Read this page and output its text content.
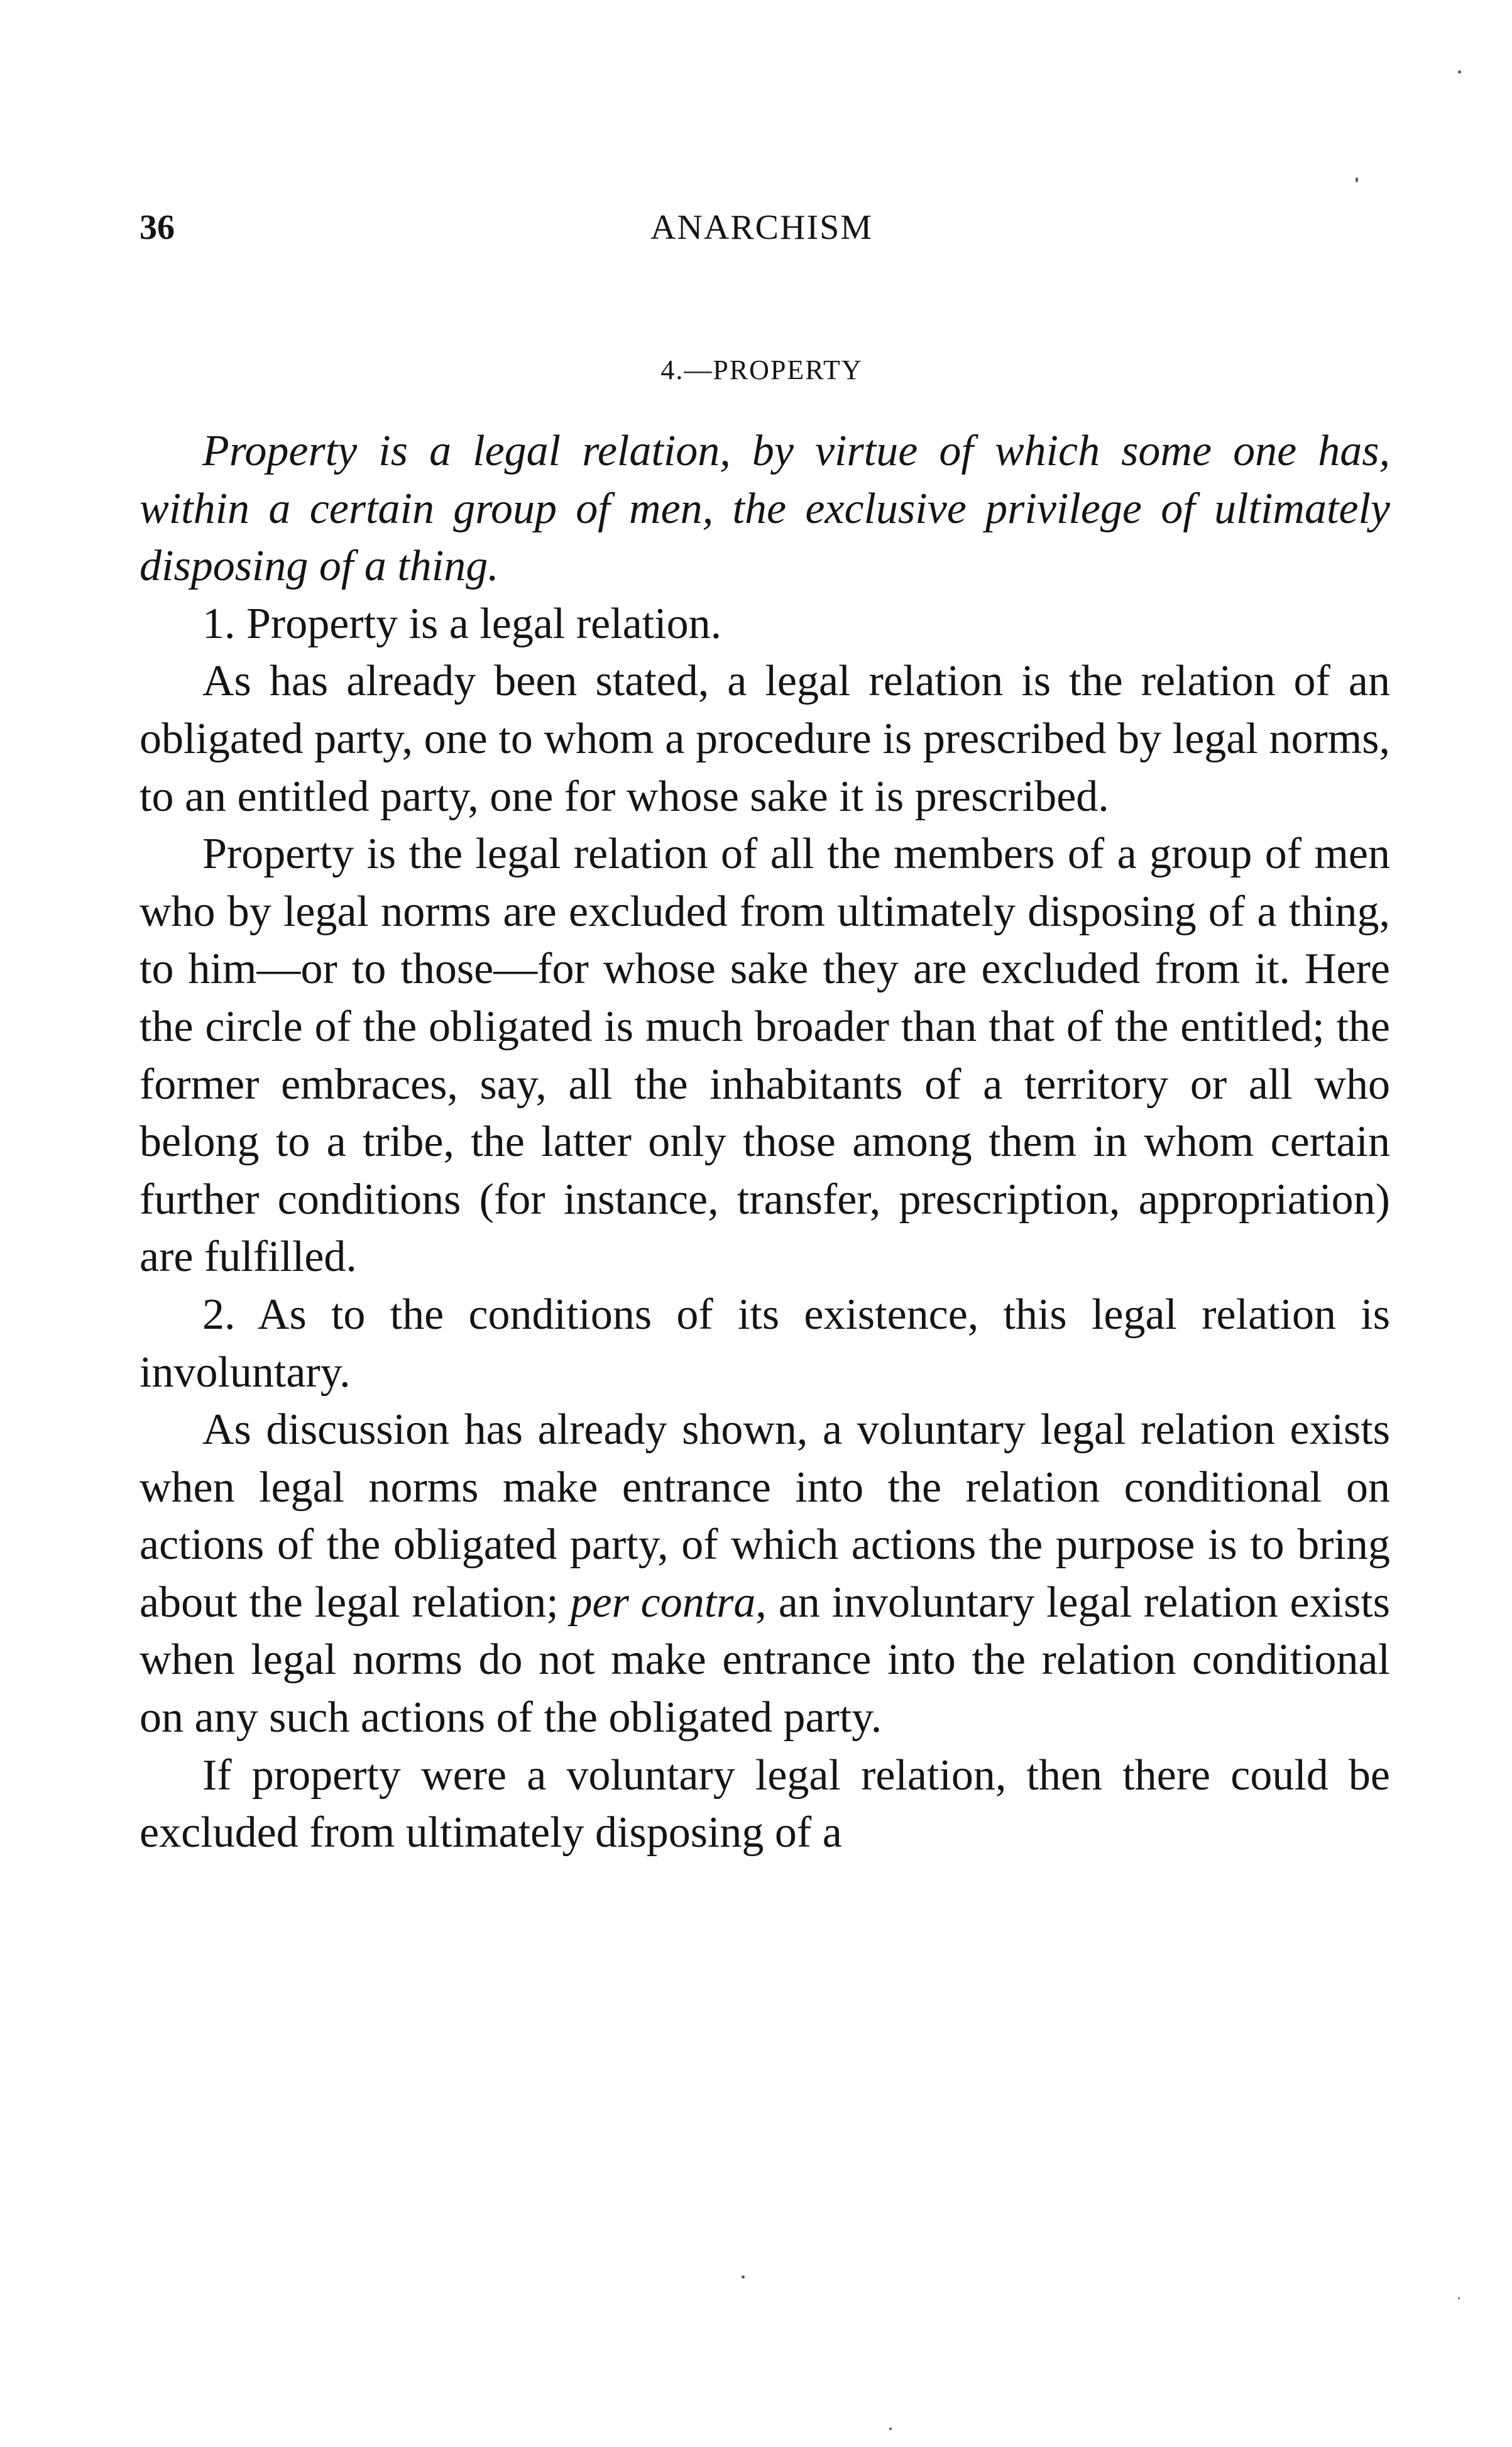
36	ANARCHISM
4.—PROPERTY

Property is a legal relation, by virtue of which some one has, within a certain group of men, the exclusive privilege of ultimately disposing of a thing.

1. Property is a legal relation.

As has already been stated, a legal relation is the relation of an obligated party, one to whom a procedure is prescribed by legal norms, to an entitled party, one for whose sake it is prescribed.

Property is the legal relation of all the members of a group of men who by legal norms are excluded from ultimately disposing of a thing, to him—or to those—for whose sake they are excluded from it. Here the circle of the obligated is much broader than that of the entitled; the former embraces, say, all the inhabitants of a territory or all who belong to a tribe, the latter only those among them in whom certain further conditions (for instance, transfer, prescription, appropriation) are fulfilled.

2. As to the conditions of its existence, this legal relation is involuntary.

As discussion has already shown, a voluntary legal relation exists when legal norms make entrance into the relation conditional on actions of the obligated party, of which actions the purpose is to bring about the legal relation; per contra, an involuntary legal relation exists when legal norms do not make entrance into the relation conditional on any such actions of the obligated party.

If property were a voluntary legal relation, then there could be excluded from ultimately disposing of a
